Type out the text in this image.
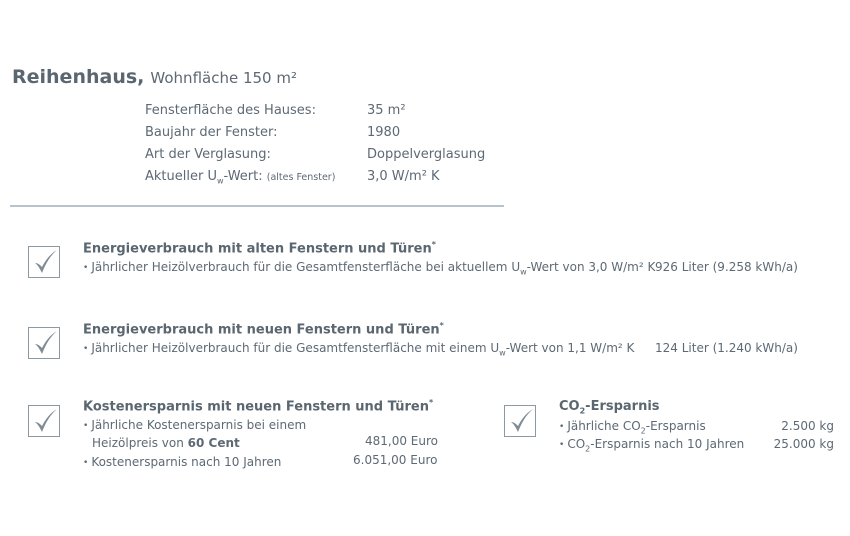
Reihenhaus, Wohnfläche 150 m²
Fensterfläche des Hauses:	35 m²
Baujahr der Fenster:	1980
Art der Verglasung:	Doppelverglasung
Aktueller $U_w$-Wert: (altes Fenster)	3,0 W/m² K
Energieverbrauch mit alten Fenstern und Türen*
• Jährlicher Heizölverbrauch für die Gesamtfensterfläche bei aktuellem $U_w$-Wert von 3,0 W/m² K 926 Liter (9.258 kWh/a)
Energieverbrauch mit neuen Fenstern und Türen*
• Jährlicher Heizölverbrauch für die Gesamtfensterfläche mit einem $U_w$-Wert von 1,1 W/m² K 124 Liter (1.240 kWh/a)
Kostenersparnis mit neuen Fenstern und Türen*
• Jährliche Kostenersparnis bei einem
Heizölpreis von 60 Cent	481,00 Euro
• Kostenersparnis nach 10 Jahren	6.051,00 Euro
$CO_2$-Ersparnis
• Jährliche $CO_2$-Ersparnis	2.500 kg
• $CO_2$-Ersparnis nach 10 Jahren 25.000 kg
